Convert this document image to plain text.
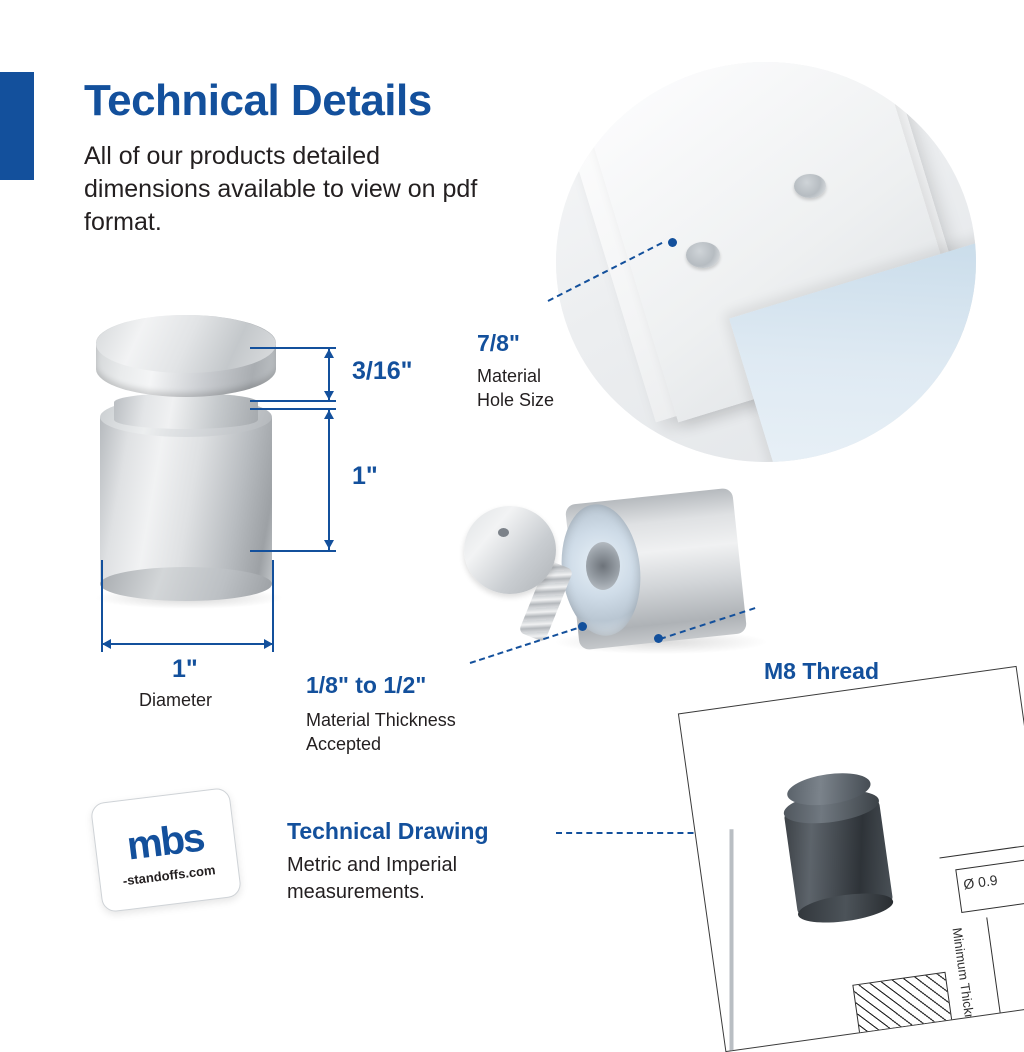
Technical Details
All of our products detailed dimensions available to view on pdf format.
3/16"
1"
1"
Diameter
7/8"
Material
Hole Size
1/8" to 1/2"
Material Thickness
Accepted
M8 Thread
mbs
-standoffs.com
Technical Drawing
Metric and Imperial
measurements.	Ø 0.9
Minimum Thickness
